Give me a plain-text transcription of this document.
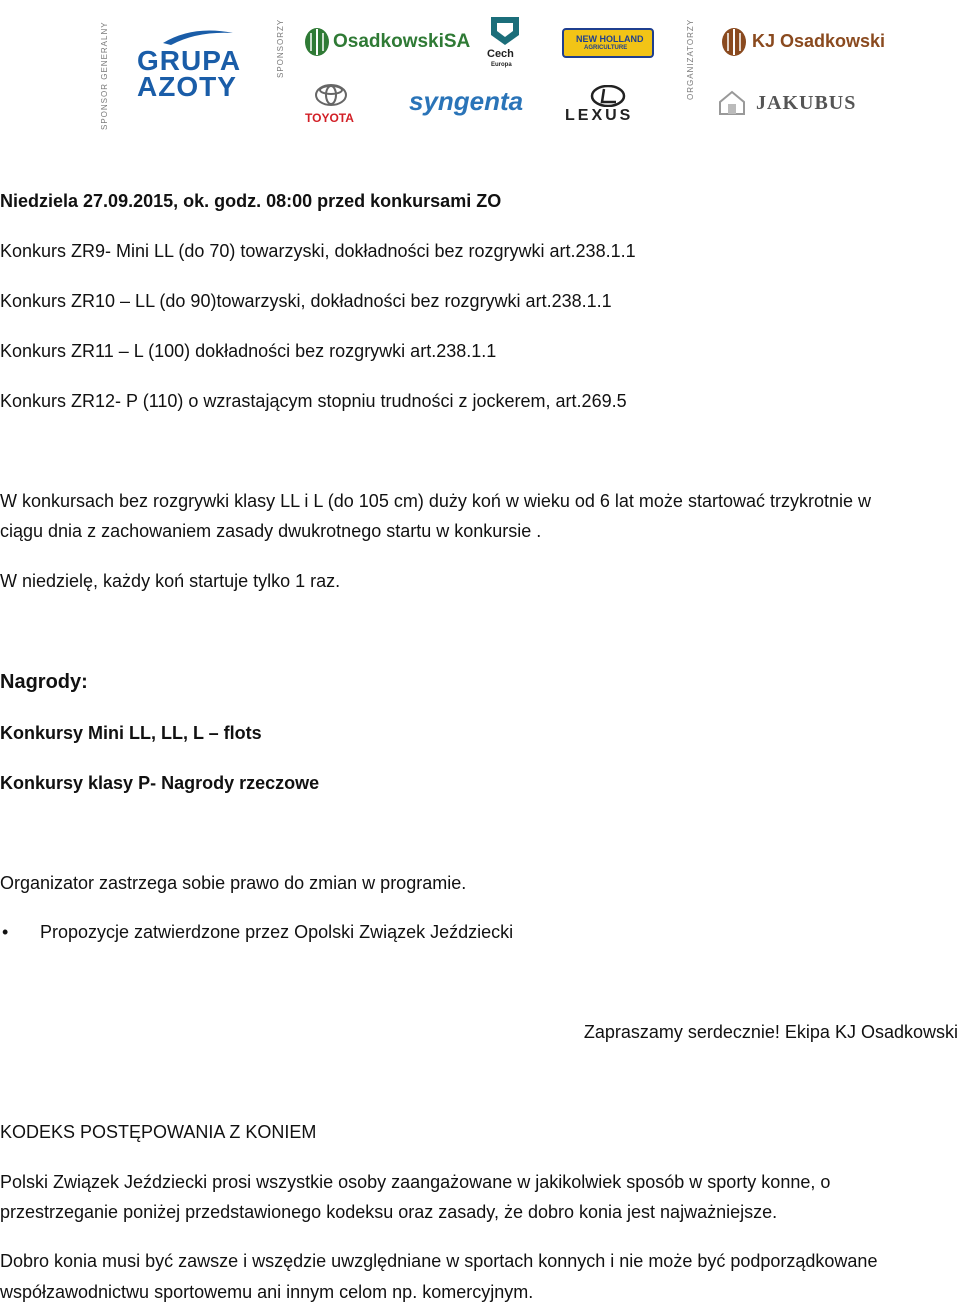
SPONSOR GENERALNY GRUPA
AZOTY
SPONSORZY	OsadkowskiSA
Cech
Europa
NEW HOLLAND
AGRICULTURE	ORGANIZATORZY	KJ Osadkowski
TOYOTA
syngenta	LEXUS
JAKUBUS
Niedziela 27.09.2015, ok. godz. 08:00 przed konkursami ZO
Konkurs ZR9- Mini LL (do 70) towarzyski, dokładności bez rozgrywki art.238.1.1
Konkurs ZR10 – LL (do 90)towarzyski, dokładności bez rozgrywki art.238.1.1
Konkurs ZR11 – L (100) dokładności bez rozgrywki art.238.1.1
Konkurs ZR12- P (110) o wzrastającym stopniu trudności z jockerem, art.269.5
W konkursach bez rozgrywki klasy LL i L (do 105 cm) duży koń w wieku od 6 lat może startować trzykrotnie w
ciągu dnia z zachowaniem zasady dwukrotnego startu w konkursie .
W niedzielę, każdy koń startuje tylko 1 raz.
Nagrody:
Konkursy Mini LL, LL, L – flots
Konkursy klasy P- Nagrody rzeczowe
Organizator zastrzega sobie prawo do zmian w programie.
• Propozycje zatwierdzone przez Opolski Związek Jeździecki
Zapraszamy serdecznie! Ekipa KJ Osadkowski
KODEKS POSTĘPOWANIA Z KONIEM
Polski Związek Jeździecki prosi wszystkie osoby zaangażowane w jakikolwiek sposób w sporty konne, o
przestrzeganie poniżej przedstawionego kodeksu oraz zasady, że dobro konia jest najważniejsze.
Dobro konia musi być zawsze i wszędzie uwzględniane w sportach konnych i nie może być podporządkowane
współzawodnictwu sportowemu ani innym celom np. komercyjnym.
